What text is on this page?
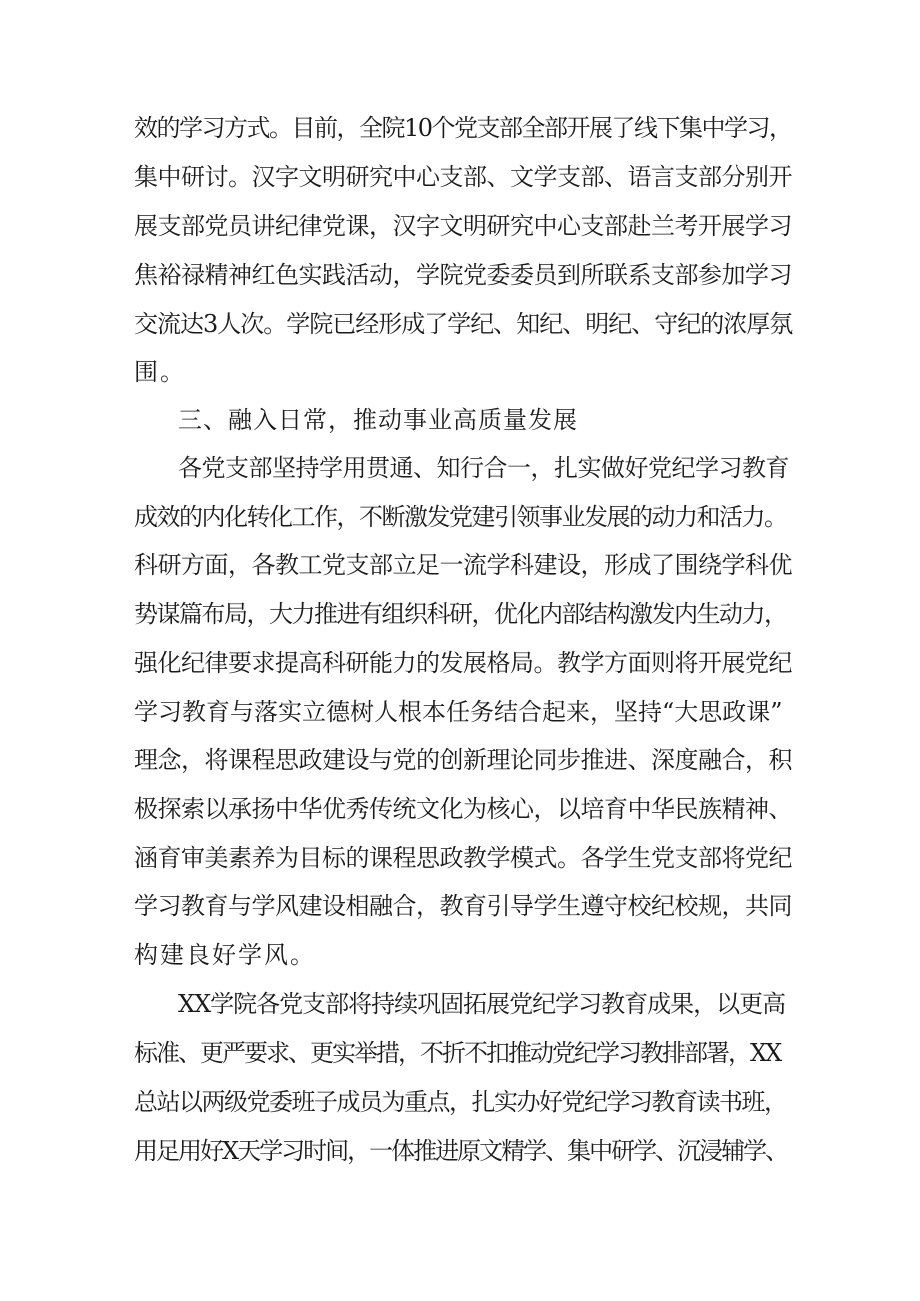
效的学习方式。目前，全院10个党支部全部开展了线下集中学习，
集中研讨。汉字文明研究中心支部、文学支部、语言支部分别开
展支部党员讲纪律党课，汉字文明研究中心支部赴兰考开展学习
焦裕禄精神红色实践活动，学院党委委员到所联系支部参加学习
交流达3人次。学院已经形成了学纪、知纪、明纪、守纪的浓厚氛
围。
三、融入日常，推动事业高质量发展
各党支部坚持学用贯通、知行合一，扎实做好党纪学习教育
成效的内化转化工作，不断激发党建引领事业发展的动力和活力。
科研方面，各教工党支部立足一流学科建设，形成了围绕学科优
势谋篇布局，大力推进有组织科研，优化内部结构激发内生动力，
强化纪律要求提高科研能力的发展格局。教学方面则将开展党纪
学习教育与落实立德树人根本任务结合起来，坚持“大思政课”
理念，将课程思政建设与党的创新理论同步推进、深度融合，积
极探索以承扬中华优秀传统文化为核心，以培育中华民族精神、
涵育审美素养为目标的课程思政教学模式。各学生党支部将党纪
学习教育与学风建设相融合，教育引导学生遵守校纪校规，共同
构建良好学风。
XX学院各党支部将持续巩固拓展党纪学习教育成果，以更高
标准、更严要求、更实举措，不折不扣推动党纪学习教排部署，XX
总站以两级党委班子成员为重点，扎实办好党纪学习教育读书班，
用足用好X天学习时间，一体推进原文精学、集中研学、沉浸辅学、
